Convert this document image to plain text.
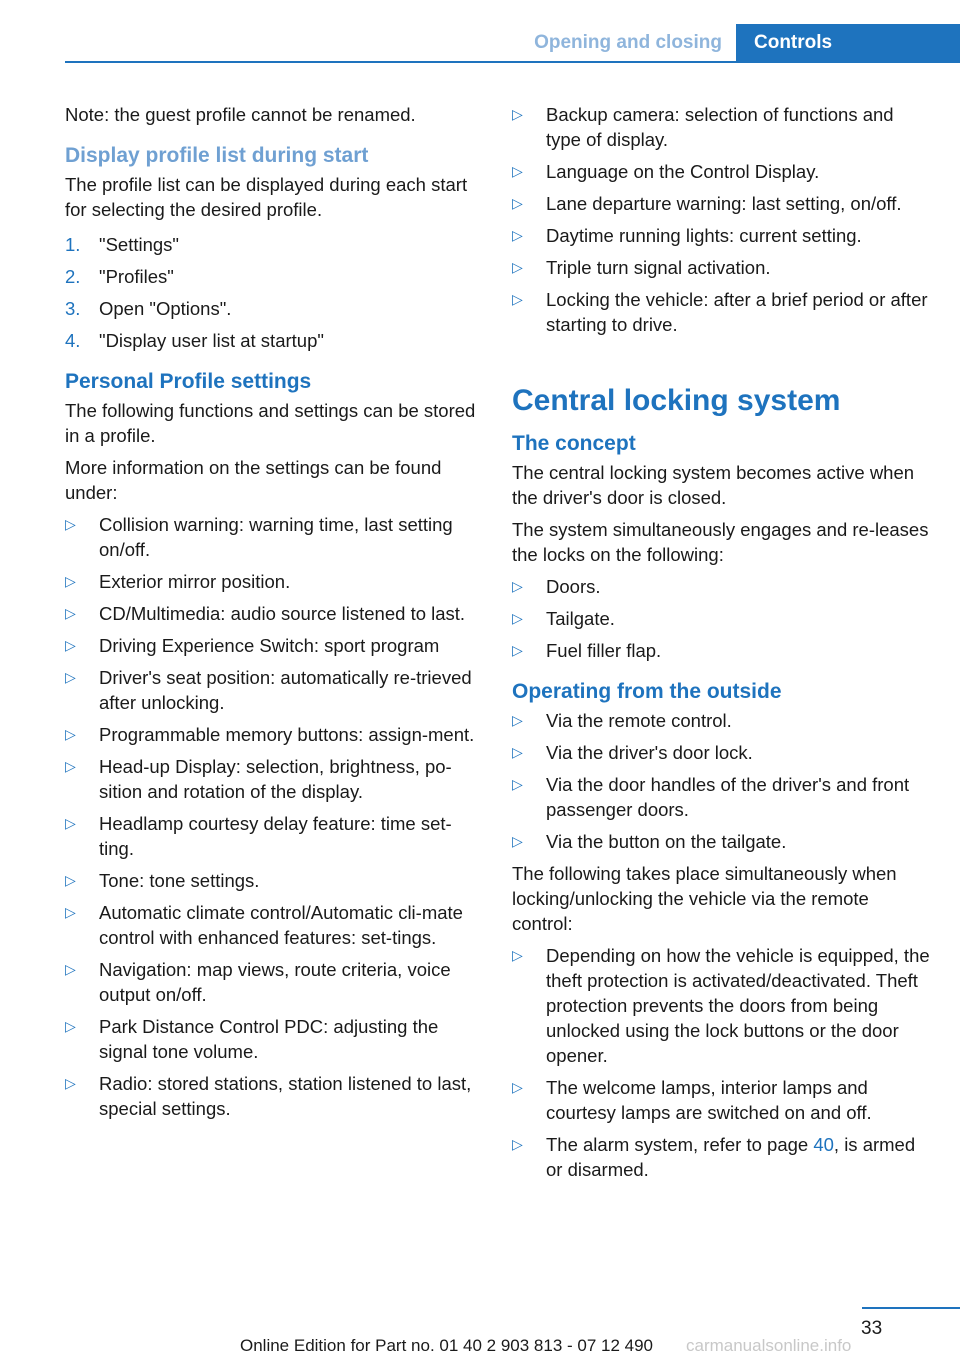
Opening and closing	Controls

Note: the guest profile cannot be renamed.

Display profile list during start

The profile list can be displayed during each start for selecting the desired profile.

1.	"Settings"
2.	"Profiles"
3.	Open "Options".
4.	"Display user list at startup"
Personal Profile settings

The following functions and settings can be stored in a profile.

More information on the settings can be found under:

▷	Collision warning: warning time, last setting on/off.
▷	Exterior mirror position.
▷	CD/Multimedia: audio source listened to last.
▷	Driving Experience Switch: sport program
▷	Driver's seat position: automatically re-trieved after unlocking.
▷	Programmable memory buttons: assign-ment.
▷	Head-up Display: selection, brightness, po-sition and rotation of the display.
▷	Headlamp courtesy delay feature: time set-ting.
▷	Tone: tone settings.
▷	Automatic climate control/Automatic cli-mate control with enhanced features: set-tings.
▷	Navigation: map views, route criteria, voice output on/off.
▷	Park Distance Control PDC: adjusting the signal tone volume.
▷	Radio: stored stations, station listened to last, special settings.
▷	Backup camera: selection of functions and type of display.
▷	Language on the Control Display.
▷	Lane departure warning: last setting, on/off.
▷	Daytime running lights: current setting.
▷	Triple turn signal activation.
▷	Locking the vehicle: after a brief period or after starting to drive.
Central locking system
The concept

The central locking system becomes active when the driver's door is closed.

The system simultaneously engages and re-leases the locks on the following:

▷	Doors.
▷	Tailgate.
▷	Fuel filler flap.
Operating from the outside
▷	Via the remote control.
▷	Via the driver's door lock.
▷	Via the door handles of the driver's and front passenger doors.
▷	Via the button on the tailgate.

The following takes place simultaneously when locking/unlocking the vehicle via the remote control:

▷	Depending on how the vehicle is equipped, the theft protection is activated/deactivated. Theft protection prevents the doors from being unlocked using the lock buttons or the door opener.
▷	The welcome lamps, interior lamps and courtesy lamps are switched on and off.
▷	The alarm system, refer to page 40, is armed or disarmed.
33
Online Edition for Part no. 01 40 2 903 813 - 07 12 490 carmanualsonline.info
